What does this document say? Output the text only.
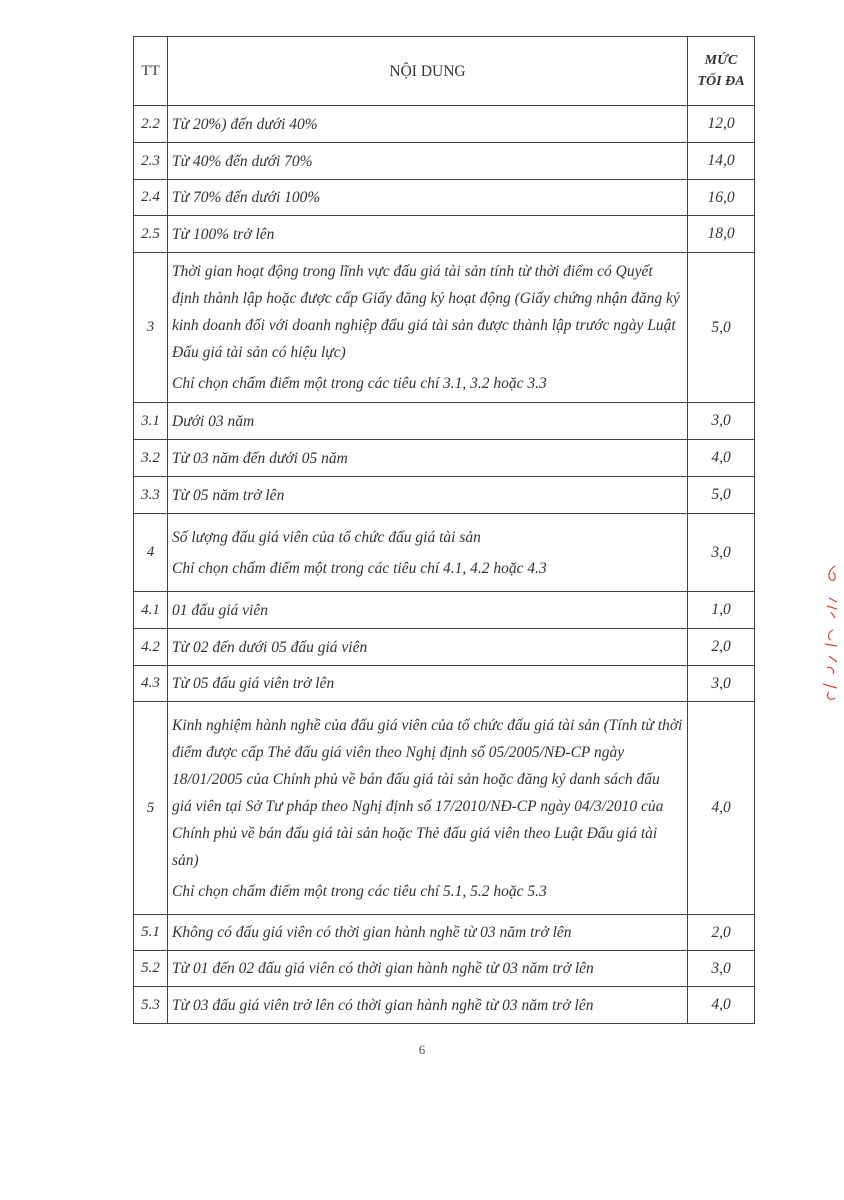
TT	NỘI DUNG	MỨC
TỐI ĐA

2.2	Từ 20%) đến dưới 40%	12,0
2.3	Từ 40% đến dưới 70%	14,0
2.4	Từ 70% đến dưới 100%	16,0
2.5	Từ 100% trở lên	18,0
3	Thời gian hoạt động trong lĩnh vực đấu giá tài sản tính từ thời điểm có Quyết định thành lập hoặc được cấp Giấy đăng ký hoạt động (Giấy chứng nhận đăng ký kinh doanh đối với doanh nghiệp đấu giá tài sản được thành lập trước ngày Luật Đấu giá tài sản có hiệu lực)
Chỉ chọn chấm điểm một trong các tiêu chí 3.1, 3.2 hoặc 3.3	5,0
3.1	Dưới 03 năm	3,0
3.2	Từ 03 năm đến dưới 05 năm	4,0
3.3	Từ 05 năm trở lên	5,0
4	Số lượng đấu giá viên của tổ chức đấu giá tài sản
Chỉ chọn chấm điểm một trong các tiêu chí 4.1, 4.2 hoặc 4.3	3,0
4.1	01 đấu giá viên	1,0
4.2	Từ 02 đến dưới 05 đấu giá viên	2,0
4.3	Từ 05 đấu giá viên trở lên	3,0
5	Kinh nghiệm hành nghề của đấu giá viên của tổ chức đấu giá tài sản (Tính từ thời điểm được cấp Thẻ đấu giá viên theo Nghị định số 05/2005/NĐ-CP ngày 18/01/2005 của Chính phủ về bán đấu giá tài sản hoặc đăng ký danh sách đấu giá viên tại Sở Tư pháp theo Nghị định số 17/2010/NĐ-CP ngày 04/3/2010 của Chính phủ về bán đấu giá tài sản hoặc Thẻ đấu giá viên theo Luật Đấu giá tài sản)
Chỉ chọn chấm điểm một trong các tiêu chí 5.1, 5.2 hoặc 5.3	4,0
5.1	Không có đấu giá viên có thời gian hành nghề từ 03 năm trở lên	2,0
5.2	Từ 01 đến 02 đấu giá viên có thời gian hành nghề từ 03 năm trở lên	3,0
5.3	Từ 03 đấu giá viên trở lên có thời gian hành nghề từ 03 năm trở lên	4,0
6
